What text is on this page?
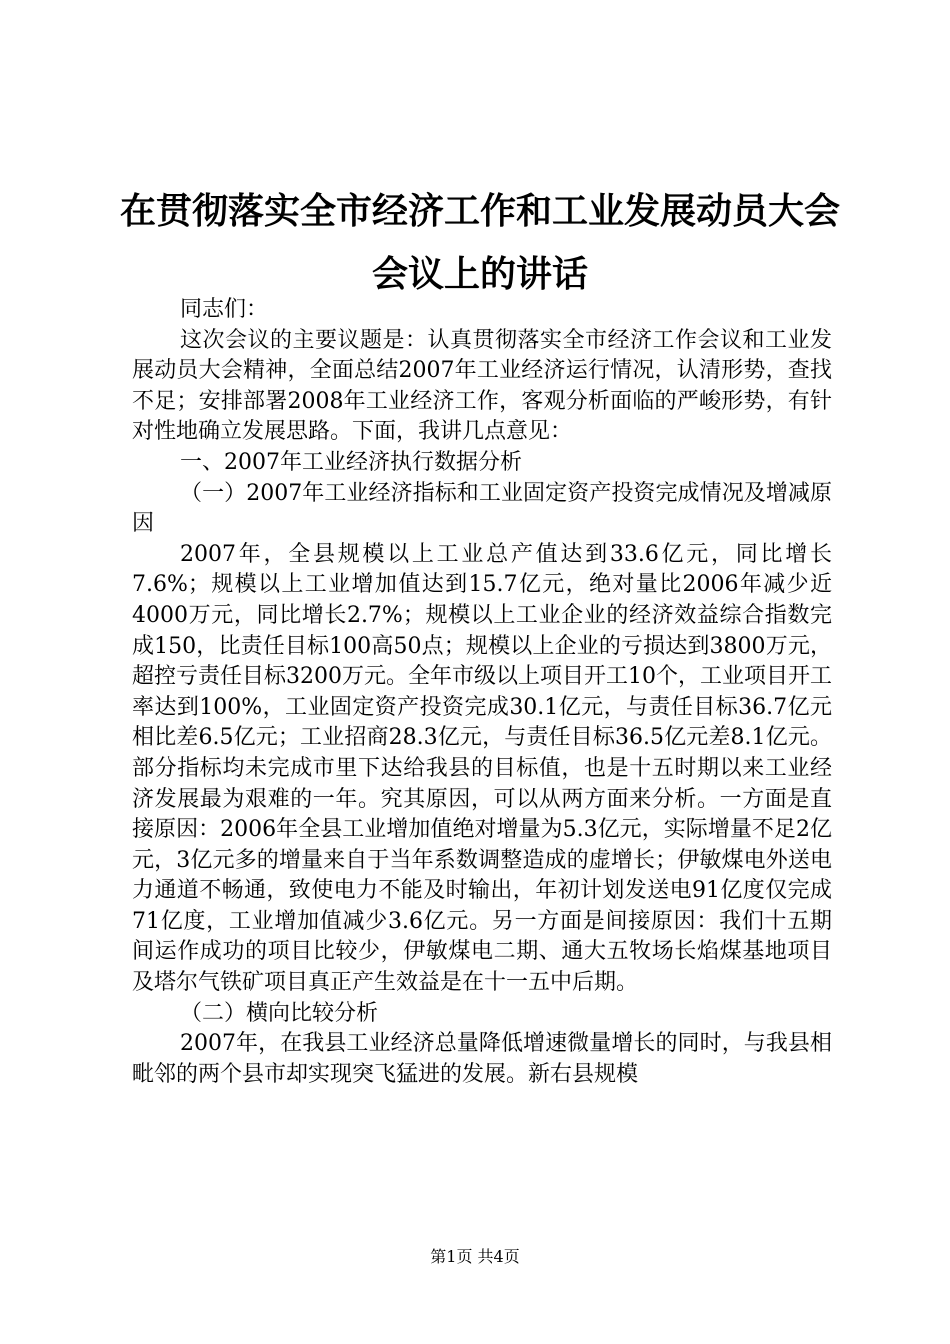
在贯彻落实全市经济工作和工业发展动员大会
会议上的讲话

同志们：

这次会议的主要议题是：认真贯彻落实全市经济工作会议和工业发展动员大会精神，全面总结2007年工业经济运行情况，认清形势，查找不足；安排部署2008年工业经济工作，客观分析面临的严峻形势，有针对性地确立发展思路。下面，我讲几点意见：

一、2007年工业经济执行数据分析

（一）2007年工业经济指标和工业固定资产投资完成情况及增减原因

2007年，全县规模以上工业总产值达到33.6亿元，同比增长7.6%；规模以上工业增加值达到15.7亿元，绝对量比2006年减少近4000万元，同比增长2.7%；规模以上工业企业的经济效益综合指数完成150，比责任目标100高50点；规模以上企业的亏损达到3800万元，超控亏责任目标3200万元。全年市级以上项目开工10个，工业项目开工率达到100%，工业固定资产投资完成30.1亿元，与责任目标36.7亿元相比差6.5亿元；工业招商28.3亿元，与责任目标36.5亿元差8.1亿元。部分指标均未完成市里下达给我县的目标值，也是十五时期以来工业经济发展最为艰难的一年。究其原因，可以从两方面来分析。一方面是直接原因：2006年全县工业增加值绝对增量为5.3亿元，实际增量不足2亿元，3亿元多的增量来自于当年系数调整造成的虚增长；伊敏煤电外送电力通道不畅通，致使电力不能及时输出，年初计划发送电91亿度仅完成71亿度，工业增加值减少3.6亿元。另一方面是间接原因：我们十五期间运作成功的项目比较少，伊敏煤电二期、通大五牧场长焰煤基地项目及塔尔气铁矿项目真正产生效益是在十一五中后期。

（二）横向比较分析

2007年，在我县工业经济总量降低增速微量增长的同时，与我县相毗邻的两个县市却实现突飞猛进的发展。新右县规模

第1页 共4页
